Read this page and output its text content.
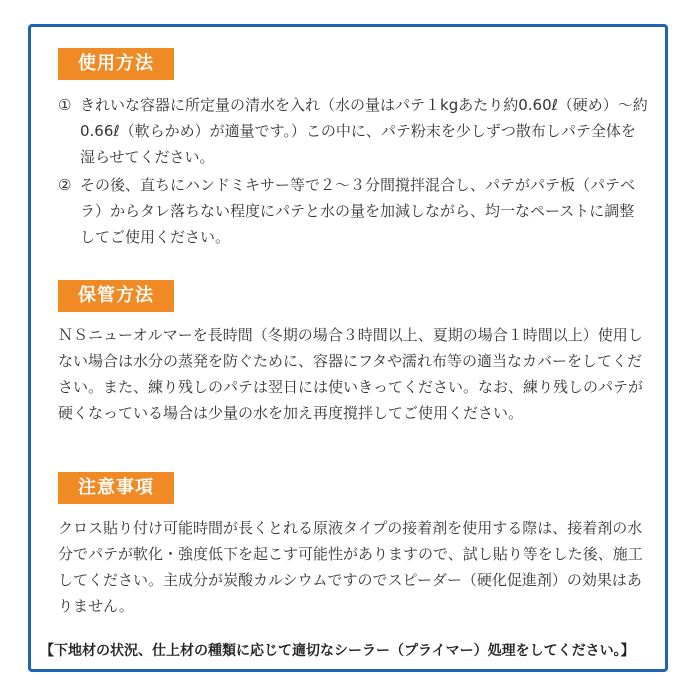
使用方法
① きれいな容器に所定量の清水を入れ（水の量はパテ１kgあたり約0.60ℓ（硬め）～約0.66ℓ（軟らかめ）が適量です。）この中に、パテ粉末を少しずつ散布しパテ全体を湿らせてください。
② その後、直ちにハンドミキサー等で２～３分間撹拌混合し、パテがパテ板（パテベラ）からタレ落ちない程度にパテと水の量を加減しながら、均一なペーストに調整してご使用ください。
保管方法
ＮＳニューオルマーを長時間（冬期の場合３時間以上、夏期の場合１時間以上）使用しない場合は水分の蒸発を防ぐために、容器にフタや濡れ布等の適当なカバーをしてください。また、練り残しのパテは翌日には使いきってください。なお、練り残しのパテが硬くなっている場合は少量の水を加え再度撹拌してご使用ください。
注意事項
クロス貼り付け可能時間が長くとれる原液タイプの接着剤を使用する際は、接着剤の水分でパテが軟化・強度低下を起こす可能性がありますので、試し貼り等をした後、施工してください。主成分が炭酸カルシウムですのでスピーダー（硬化促進剤）の効果はありません。
【下地材の状況、仕上材の種類に応じて適切なシーラー（プライマー）処理をしてください。】
